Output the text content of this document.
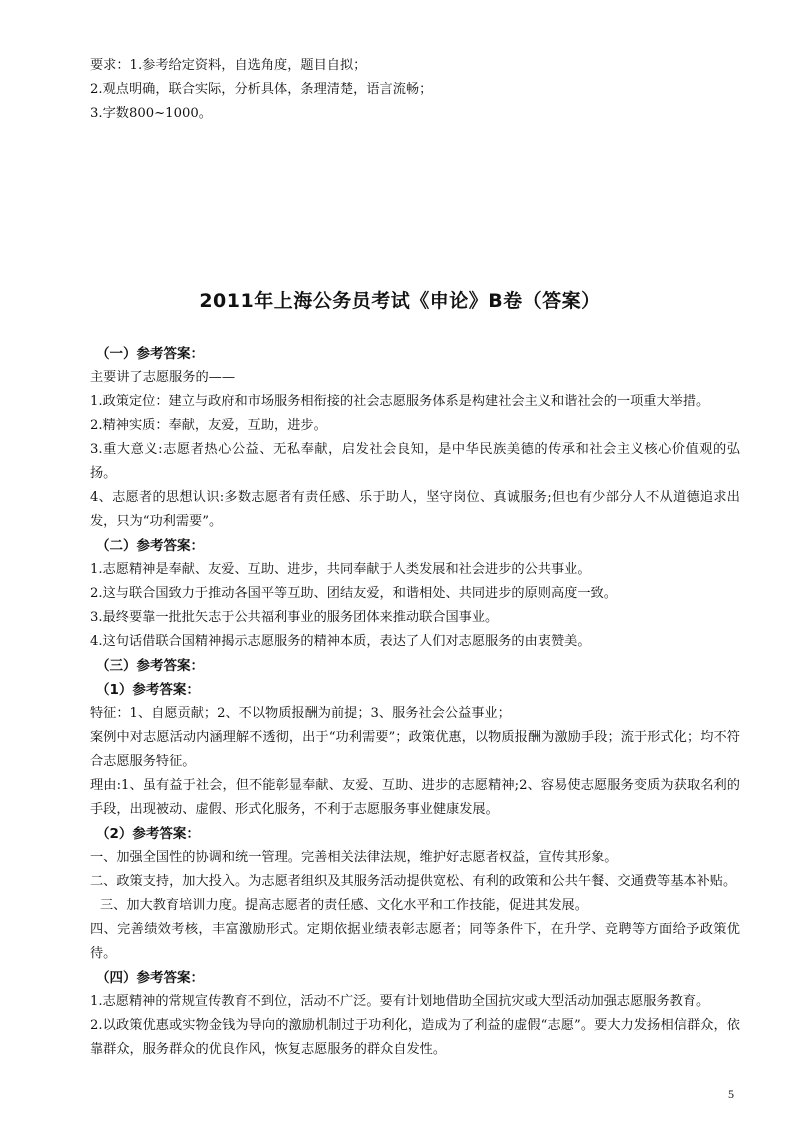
要求：1.参考给定资料，自选角度，题目自拟；

2.观点明确，联合实际，分析具体，条理清楚，语言流畅；

3.字数800~1000。

2011年上海公务员考试《申论》B卷（答案）

（一）参考答案：

主要讲了志愿服务的——

1.政策定位：建立与政府和市场服务相衔接的社会志愿服务体系是构建社会主义和谐社会的一项重大举措。

2.精神实质：奉献，友爱，互助，进步。

3.重大意义:志愿者热心公益、无私奉献，启发社会良知，是中华民族美德的传承和社会主义核心价值观的弘扬。

4、志愿者的思想认识:多数志愿者有责任感、乐于助人，坚守岗位、真诚服务;但也有少部分人不从道德追求出发，只为“功利需要”。

（二）参考答案：

1.志愿精神是奉献、友爱、互助、进步，共同奉献于人类发展和社会进步的公共事业。

2.这与联合国致力于推动各国平等互助、团结友爱，和谐相处、共同进步的原则高度一致。

3.最终要靠一批批矢志于公共福利事业的服务团体来推动联合国事业。

4.这句话借联合国精神揭示志愿服务的精神本质，表达了人们对志愿服务的由衷赞美。

（三）参考答案：

（1）参考答案：

特征：1、自愿贡献；2、不以物质报酬为前提；3、服务社会公益事业；

案例中对志愿活动内涵理解不透彻，出于“功利需要”；政策优惠，以物质报酬为激励手段；流于形式化；均不符合志愿服务特征。

理由:1、虽有益于社会，但不能彰显奉献、友爱、互助、进步的志愿精神;2、容易使志愿服务变质为获取名利的手段，出现被动、虚假、形式化服务，不利于志愿服务事业健康发展。

（2）参考答案：

一、加强全国性的协调和统一管理。完善相关法律法规，维护好志愿者权益，宣传其形象。

二、政策支持，加大投入。为志愿者组织及其服务活动提供宽松、有利的政策和公共午餐、交通费等基本补贴。

三、加大教育培训力度。提高志愿者的责任感、文化水平和工作技能，促进其发展。

四、完善绩效考核，丰富激励形式。定期依据业绩表彰志愿者；同等条件下，在升学、竞聘等方面给予政策优待。

（四）参考答案：

1.志愿精神的常规宣传教育不到位，活动不广泛。要有计划地借助全国抗灾或大型活动加强志愿服务教育。

2.以政策优惠或实物金钱为导向的激励机制过于功利化，造成为了利益的虚假“志愿”。要大力发扬相信群众，依靠群众，服务群众的优良作风，恢复志愿服务的群众自发性。

5
